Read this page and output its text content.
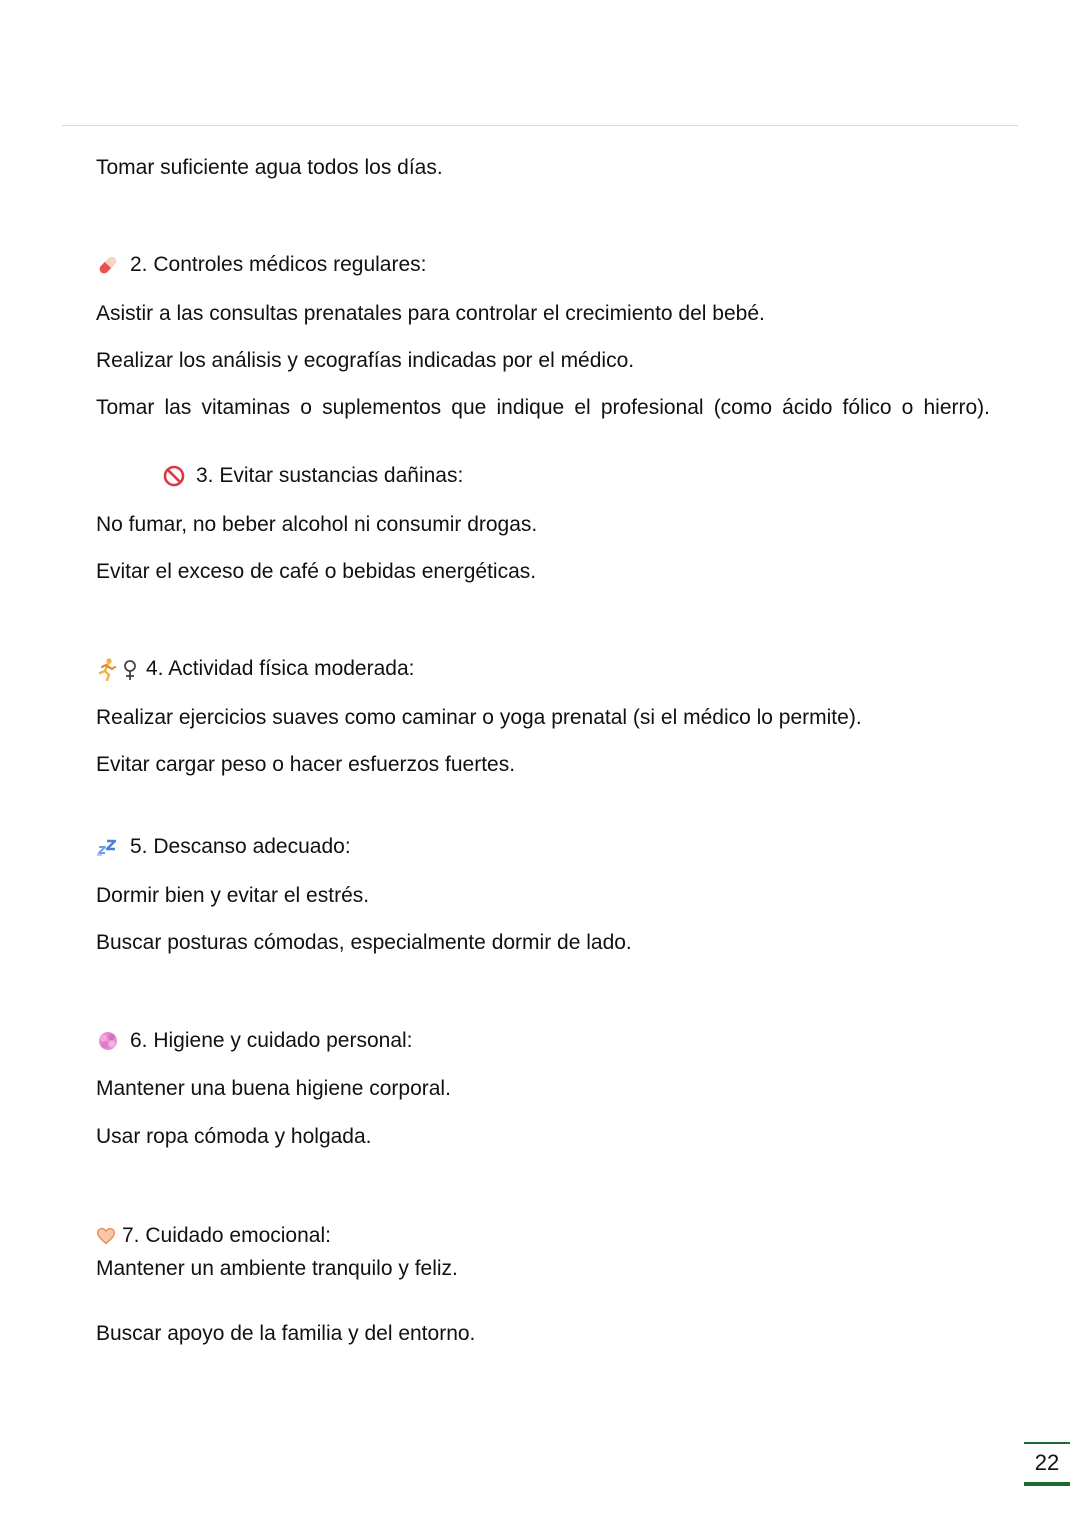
Tomar suficiente agua todos los días.

2. Controles médicos regulares:

Asistir a las consultas prenatales para controlar el crecimiento del bebé.

Realizar los análisis y ecografías indicadas por el médico.

Tomar las vitaminas o suplementos que indique el profesional (como ácido fólico o hierro).

3. Evitar sustancias dañinas:

No fumar, no beber alcohol ni consumir drogas.

Evitar el exceso de café o bebidas energéticas.

4. Actividad física moderada:

Realizar ejercicios suaves como caminar o yoga prenatal (si el médico lo permite).

Evitar cargar peso o hacer esfuerzos fuertes.

5. Descanso adecuado:

Dormir bien y evitar el estrés.

Buscar posturas cómodas, especialmente dormir de lado.

6. Higiene y cuidado personal:

Mantener una buena higiene corporal.

Usar ropa cómoda y holgada.

7. Cuidado emocional:

Mantener un ambiente tranquilo y feliz.

Buscar apoyo de la familia y del entorno.

22
